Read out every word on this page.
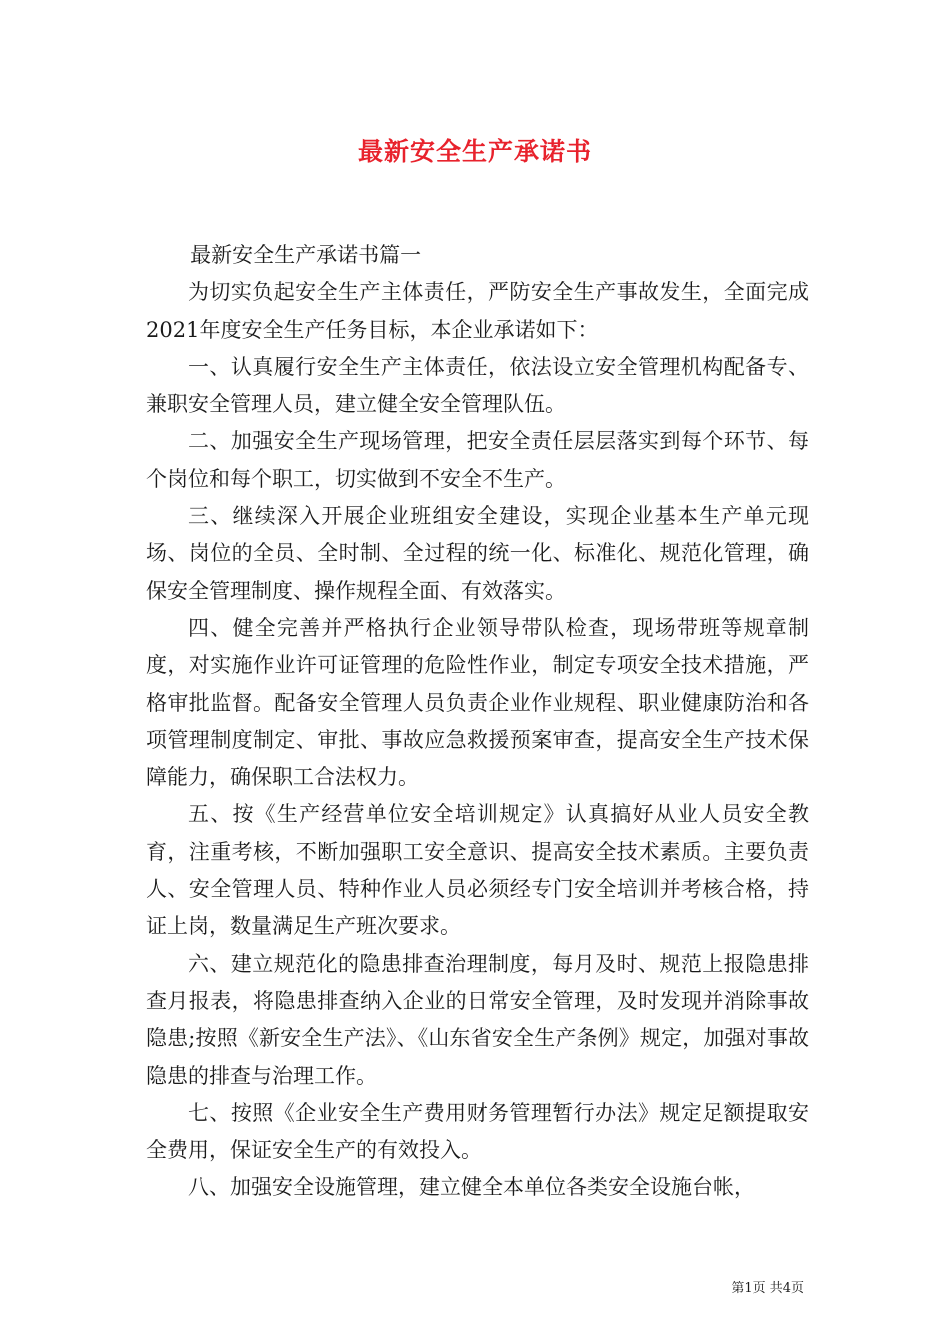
最新安全生产承诺书

最新安全生产承诺书篇一

为切实负起安全生产主体责任，严防安全生产事故发生，全面完成2021年度安全生产任务目标，本企业承诺如下：

一、认真履行安全生产主体责任，依法设立安全管理机构配备专、兼职安全管理人员，建立健全安全管理队伍。

二、加强安全生产现场管理，把安全责任层层落实到每个环节、每个岗位和每个职工，切实做到不安全不生产。

三、继续深入开展企业班组安全建设，实现企业基本生产单元现场、岗位的全员、全时制、全过程的统一化、标准化、规范化管理，确保安全管理制度、操作规程全面、有效落实。

四、健全完善并严格执行企业领导带队检查，现场带班等规章制度，对实施作业许可证管理的危险性作业，制定专项安全技术措施，严格审批监督。配备安全管理人员负责企业作业规程、职业健康防治和各项管理制度制定、审批、事故应急救援预案审查，提高安全生产技术保障能力，确保职工合法权力。

五、按《生产经营单位安全培训规定》认真搞好从业人员安全教育，注重考核，不断加强职工安全意识、提高安全技术素质。主要负责人、安全管理人员、特种作业人员必须经专门安全培训并考核合格，持证上岗，数量满足生产班次要求。

六、建立规范化的隐患排查治理制度，每月及时、规范上报隐患排查月报表，将隐患排查纳入企业的日常安全管理，及时发现并消除事故隐患;按照《新安全生产法》、《山东省安全生产条例》规定，加强对事故隐患的排查与治理工作。

七、按照《企业安全生产费用财务管理暂行办法》规定足额提取安全费用，保证安全生产的有效投入。

八、加强安全设施管理，建立健全本单位各类安全设施台帐，

第1页 共4页
